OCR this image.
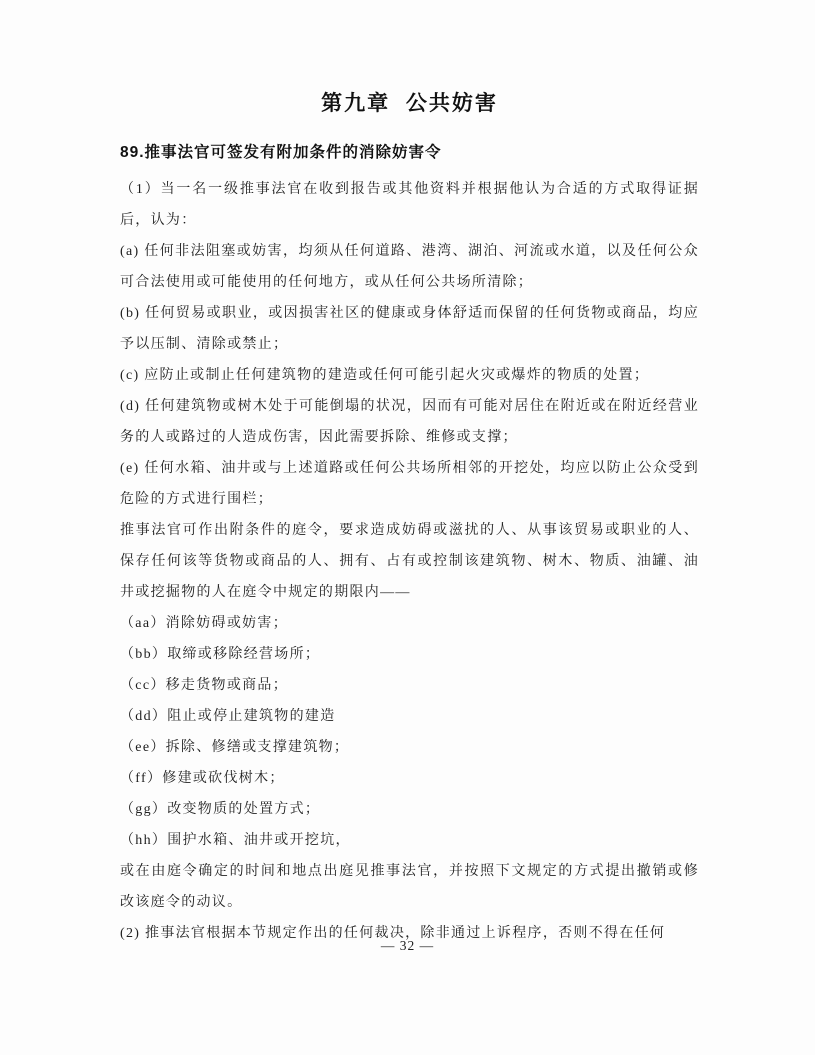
第九章  公共妨害
89.推事法官可签发有附加条件的消除妨害令

（1）当一名一级推事法官在收到报告或其他资料并根据他认为合适的方式取得证据后，认为：

(a) 任何非法阻塞或妨害，均须从任何道路、港湾、湖泊、河流或水道，以及任何公众可合法使用或可能使用的任何地方，或从任何公共场所清除；

(b) 任何贸易或职业，或因损害社区的健康或身体舒适而保留的任何货物或商品，均应予以压制、清除或禁止；

(c) 应防止或制止任何建筑物的建造或任何可能引起火灾或爆炸的物质的处置；

(d) 任何建筑物或树木处于可能倒塌的状况，因而有可能对居住在附近或在附近经营业务的人或路过的人造成伤害，因此需要拆除、维修或支撑；

(e) 任何水箱、油井或与上述道路或任何公共场所相邻的开挖处，均应以防止公众受到危险的方式进行围栏；

推事法官可作出附条件的庭令，要求造成妨碍或滋扰的人、从事该贸易或职业的人、保存任何该等货物或商品的人、拥有、占有或控制该建筑物、树木、物质、油罐、油井或挖掘物的人在庭令中规定的期限内——

（aa）消除妨碍或妨害；

（bb）取缔或移除经营场所；

（cc）移走货物或商品；

（dd）阻止或停止建筑物的建造

（ee）拆除、修缮或支撑建筑物；

（ff）修建或砍伐树木；

（gg）改变物质的处置方式；

（hh）围护水箱、油井或开挖坑，

或在由庭令确定的时间和地点出庭见推事法官，并按照下文规定的方式提出撤销或修改该庭令的动议。

(2) 推事法官根据本节规定作出的任何裁决，除非通过上诉程序，否则不得在任何

— 32 —
